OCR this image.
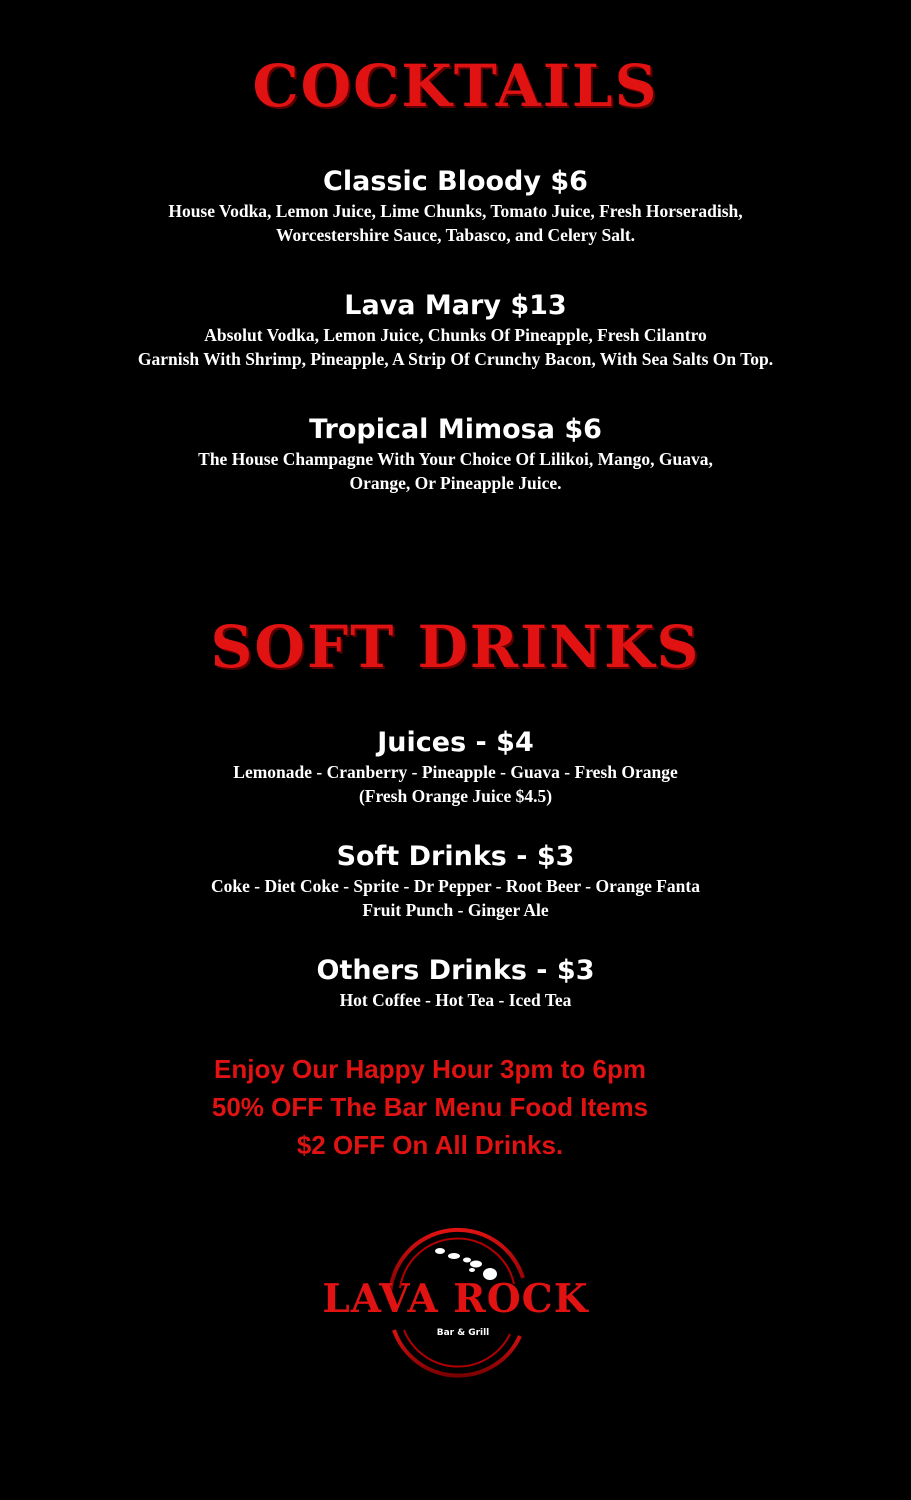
COCKTAILS
Classic Bloody $6
House Vodka, Lemon Juice, Lime Chunks, Tomato Juice, Fresh Horseradish,
Worcestershire Sauce, Tabasco, and Celery Salt.
Lava Mary $13
Absolut Vodka, Lemon Juice, Chunks Of Pineapple, Fresh Cilantro
Garnish With Shrimp, Pineapple, A Strip Of Crunchy Bacon, With Sea Salts On Top.
Tropical Mimosa $6
The House Champagne With Your Choice Of Lilikoi, Mango, Guava,
Orange, Or Pineapple Juice.
SOFT DRINKS
Juices - $4
Lemonade - Cranberry - Pineapple - Guava - Fresh Orange
(Fresh Orange Juice $4.5)
Soft Drinks - $3
Coke - Diet Coke - Sprite - Dr Pepper - Root Beer - Orange Fanta
Fruit Punch - Ginger Ale
Others Drinks - $3
Hot Coffee - Hot Tea - Iced Tea
Enjoy Our Happy Hour 3pm to 6pm
50% OFF The Bar Menu Food Items
$2 OFF On All Drinks.
LAVA ROCK
Bar & Grill
